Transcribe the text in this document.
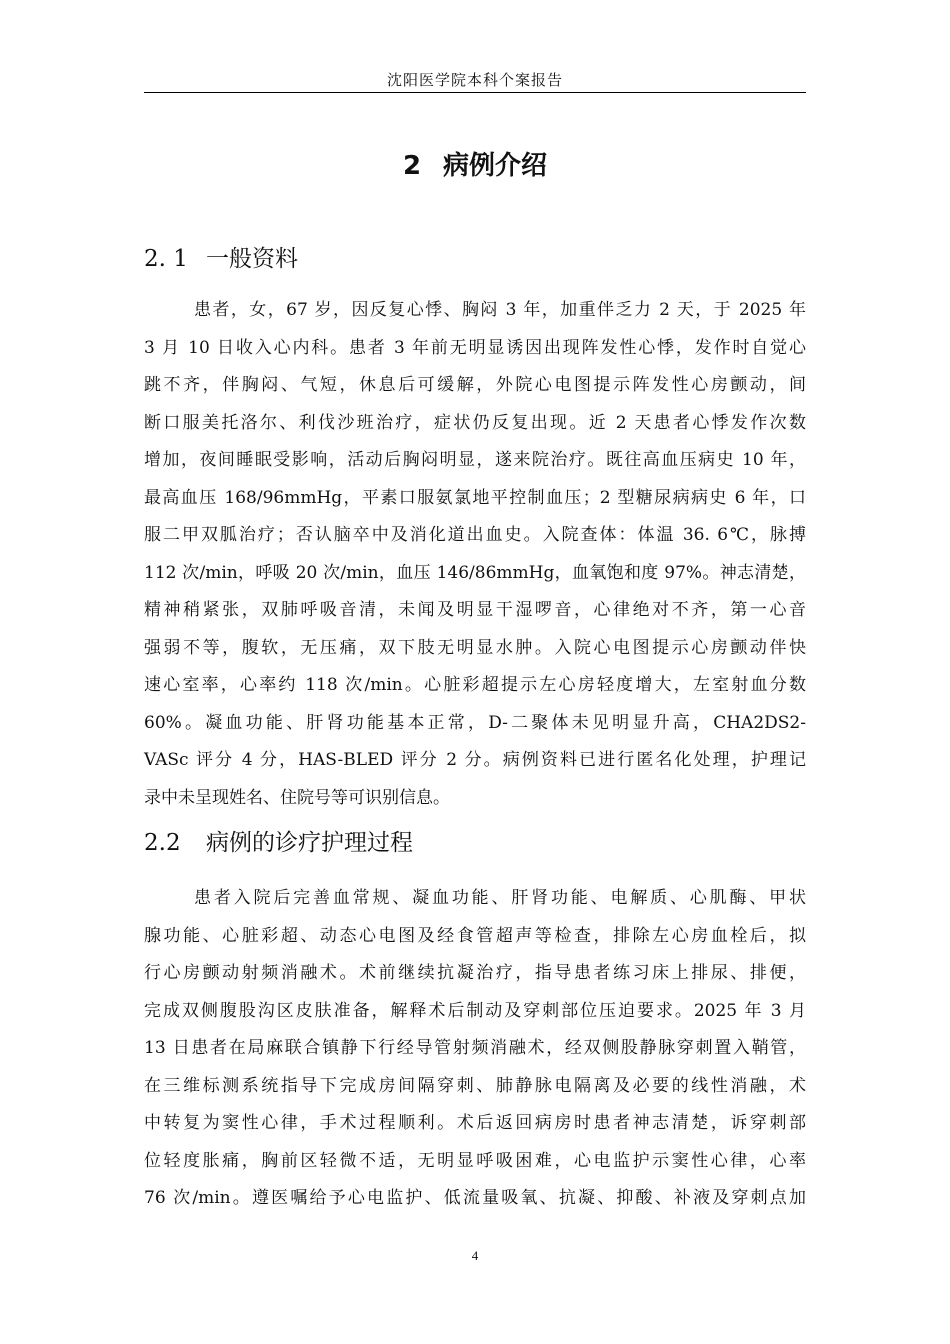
沈阳医学院本科个案报告
2 病例介绍
2. 1 一般资料
患者，女，67 岁，因反复心悸、胸闷 3 年，加重伴乏力 2 天，于 2025 年
3 月 10 日收入心内科。患者 3 年前无明显诱因出现阵发性心悸，发作时自觉心
跳不齐，伴胸闷、气短，休息后可缓解，外院心电图提示阵发性心房颤动，间
断口服美托洛尔、利伐沙班治疗，症状仍反复出现。近 2 天患者心悸发作次数
增加，夜间睡眠受影响，活动后胸闷明显，遂来院治疗。既往高血压病史 10 年，
最高血压 168/96mmHg，平素口服氨氯地平控制血压；2 型糖尿病病史 6 年，口
服二甲双胍治疗；否认脑卒中及消化道出血史。入院查体：体温 36. 6℃，脉搏
112 次/min，呼吸 20 次/min，血压 146/86mmHg，血氧饱和度 97%。神志清楚，
精神稍紧张，双肺呼吸音清，未闻及明显干湿啰音，心律绝对不齐，第一心音
强弱不等，腹软，无压痛，双下肢无明显水肿。入院心电图提示心房颤动伴快
速心室率，心率约 118 次/min。心脏彩超提示左心房轻度增大，左室射血分数
60%。凝血功能、肝肾功能基本正常，D-二聚体未见明显升高，CHA2DS2-
VASc 评分 4 分，HAS-BLED 评分 2 分。病例资料已进行匿名化处理，护理记
录中未呈现姓名、住院号等可识别信息。
2.2 病例的诊疗护理过程
患者入院后完善血常规、凝血功能、肝肾功能、电解质、心肌酶、甲状
腺功能、心脏彩超、动态心电图及经食管超声等检查，排除左心房血栓后，拟
行心房颤动射频消融术。术前继续抗凝治疗，指导患者练习床上排尿、排便，
完成双侧腹股沟区皮肤准备，解释术后制动及穿刺部位压迫要求。2025 年 3 月
13 日患者在局麻联合镇静下行经导管射频消融术，经双侧股静脉穿刺置入鞘管，
在三维标测系统指导下完成房间隔穿刺、肺静脉电隔离及必要的线性消融，术
中转复为窦性心律，手术过程顺利。术后返回病房时患者神志清楚，诉穿刺部
位轻度胀痛，胸前区轻微不适，无明显呼吸困难，心电监护示窦性心律，心率
76 次/min。遵医嘱给予心电监护、低流量吸氧、抗凝、抑酸、补液及穿刺点加
4
